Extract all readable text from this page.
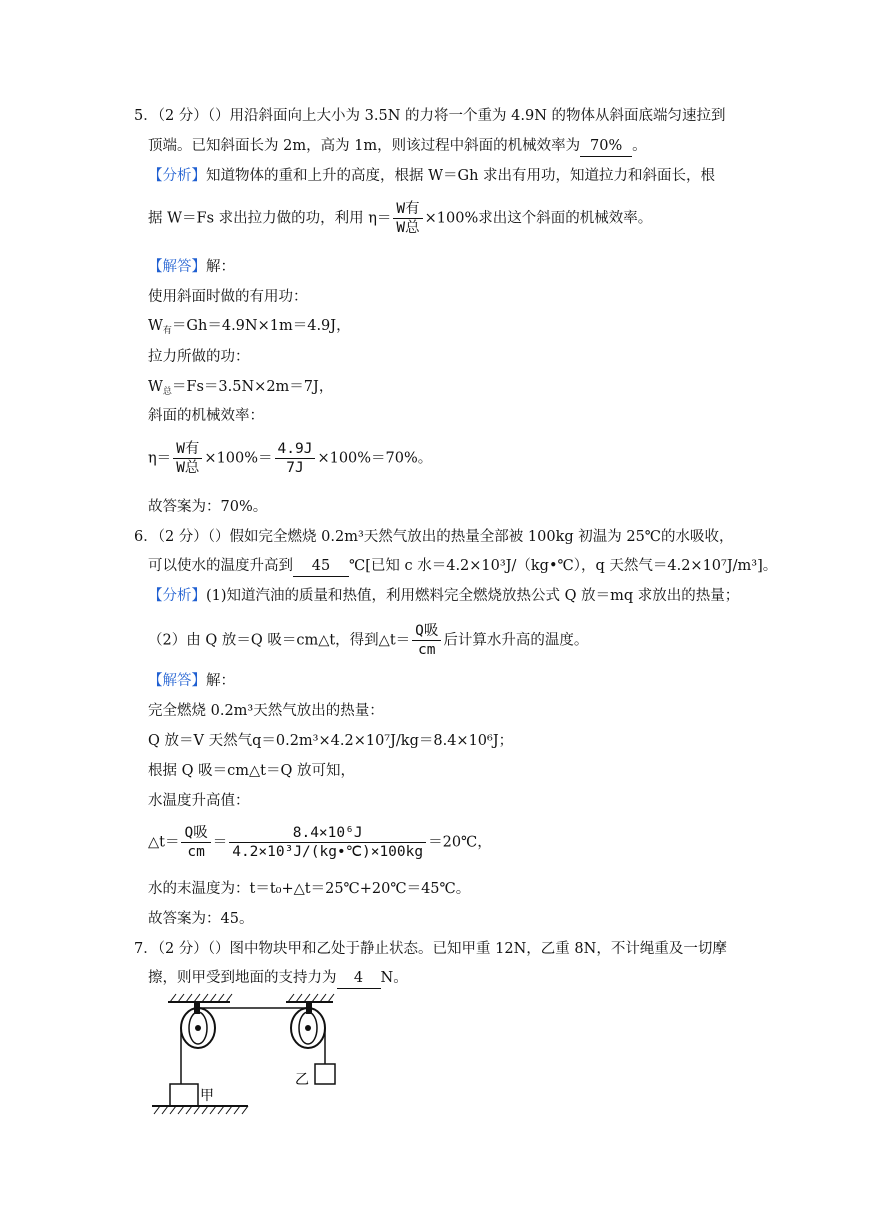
5．（2 分）（）用沿斜面向上大小为 3.5N 的力将一个重为 4.9N 的物体从斜面底端匀速拉到
顶端。已知斜面长为 2m，高为 1m，则该过程中斜面的机械效率为 70% 。
【分析】知道物体的重和上升的高度，根据 W＝Gh 求出有用功，知道拉力和斜面长，根
据 W＝Fs 求出拉力做的功，利用 $\eta= \frac{\text{W有}}{\text{W总}} \times 100\%$求出这个斜面的机械效率。
【解答】解：
使用斜面时做的有用功：
$W_有=Gh=4.9N\times 1m=4.9J$，
拉力所做的功：
$W_总=Fs=3.5N\times 2m=7J$，
斜面的机械效率：
$\eta= \frac{\text{W有}}{\text{W总}} \times 100\%= \frac{4.9J}{7J} \times 100\%=70\%$。
故答案为：70%。
6．（2 分）（）假如完全燃烧 0.2m³天然气放出的热量全部被 100kg 初温为 25℃的水吸收，
可以使水的温度升高到 45 ℃[已知 c 水＝4.2×10³J/（kg•℃），q 天然气＝4.2×10⁷J/m³]。
【分析】(1)知道汽油的质量和热值，利用燃料完全燃烧放热公式 Q 放＝mq 求放出的热量；
（2）由 Q 放＝Q 吸＝cm△t，得到△t＝ $\frac{\text{Q吸}}{cm}$ 后计算水升高的温度。
【解答】解：
完全燃烧 0.2m³天然气放出的热量：
Q 放＝V 天然气q＝0.2m³×4.2×10⁷J/kg＝8.4×10⁶J；
根据 Q 吸＝cm△t＝Q 放可知，
水温度升高值：
△t＝ $\frac{\text{Q吸}}{cm} = \frac{\text{8.4×10⁶J}}{\text{4.2×10³J/(kg•℃)×100kg}}$ ＝20℃，
水的末温度为：t＝t₀+△t＝25℃+20℃＝45℃。
故答案为：45。
7．（2 分）（）图中物块甲和乙处于静止状态。已知甲重 12N，乙重 8N，不计绳重及一切摩
擦，则甲受到地面的支持力为 4 N。
甲
乙
